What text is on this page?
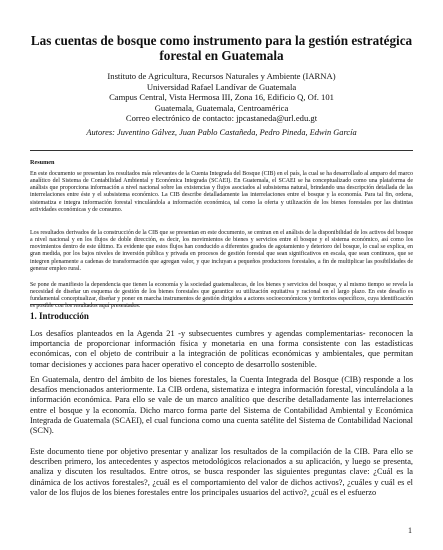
Las cuentas de bosque como instrumento para la gestión estratégica forestal en Guatemala
Instituto de Agricultura, Recursos Naturales y Ambiente (IARNA)
Universidad Rafael Landívar de Guatemala
Campus Central, Vista Hermosa III, Zona 16, Edificio Q, Of. 101
Guatemala, Guatemala, Centroamérica
Correo electrónico de contacto: jpcastaneda@url.edu.gt
Autores: Juventino Gálvez, Juan Pablo Castañeda, Pedro Pineda, Edwin García
Resumen
En este documento se presentan los resultados más relevantes de la Cuenta Integrada del Bosque (CIB) en el país, la cual se ha desarrollado al amparo del marco analítico del Sistema de Contabilidad Ambiental y Económica Integrada (SCAEI). En Guatemala, el SCAEI se ha conceptualizado como una plataforma de análisis que proporciona información a nivel nacional sobre las existencias y flujos asociados al subsistema natural, brindando una descripción detallada de las interrelaciones entre éste y el subsistema económico. La CIB describe detalladamente las interrelaciones entre el bosque y la economía. Para tal fin, ordena, sistematiza e integra información forestal vinculándola a información económica, tal como la oferta y utilización de los bienes forestales por las distintas actividades económicas y de consumo.
Los resultados derivados de la construcción de la CIB que se presentan en este documento, se centran en el análisis de la disponibilidad de los activos del bosque a nivel nacional y en los flujos de doble dirección, es decir, los movimientos de bienes y servicios entre el bosque y el sistema económico, así como los movimientos dentro de este último. Es evidente que estos flujos han conducido a diferentes grados de agotamiento y deterioro del bosque, lo cual se explica, en gran medida, por los bajos niveles de inversión pública y privada en procesos de gestión forestal que sean significativos en escala, que sean continuos, que se integren plenamente a cadenas de transformación que agregan valor, y que incluyan a pequeños productores forestales, a fin de multiplicar las posibilidades de generar empleo rural.
Se pone de manifiesto la dependencia que tienen la economía y la sociedad guatemaltecas, de los bienes y servicios del bosque, y al mismo tiempo se revela la necesidad de diseñar un esquema de gestión de los bienes forestales que garantice su utilización equitativa y racional en el largo plazo. En este desafío es fundamental conceptualizar, diseñar y poner en marcha instrumentos de gestión dirigidos a actores socioeconómicos y territorios específicos, cuya identificación es posible con los resultados aquí presentados.
1. Introducción
Los desafíos planteados en la Agenda 21 -y subsecuentes cumbres y agendas complementarias- reconocen la importancia de proporcionar información física y monetaria en una forma consistente con las estadísticas económicas, con el objeto de contribuir a la integración de políticas económicas y ambientales, que permitan tomar decisiones y acciones para hacer operativo el concepto de desarrollo sostenible.
En Guatemala, dentro del ámbito de los bienes forestales, la Cuenta Integrada del Bosque (CIB) responde a los desafíos mencionados anteriormente. La CIB ordena, sistematiza e integra información forestal, vinculándola a la información económica. Para ello se vale de un marco analítico que describe detalladamente las interrelaciones entre el bosque y la economía. Dicho marco forma parte del Sistema de Contabilidad Ambiental y Económica Integrada de Guatemala (SCAEI), el cual funciona como una cuenta satélite del Sistema de Contabilidad Nacional (SCN).
Este documento tiene por objetivo presentar y analizar los resultados de la compilación de la CIB. Para ello se describen primero, los antecedentes y aspectos metodológicos relacionados a su aplicación, y luego se presenta, analiza y discuten los resultados. Entre otros, se busca responder las siguientes preguntas clave: ¿Cuál es la dinámica de los activos forestales?, ¿cuál es el comportamiento del valor de dichos activos?, ¿cuáles y cuál es el valor de los flujos de los bienes forestales entre los principales usuarios del activo?, ¿cuál es el esfuerzo
1
